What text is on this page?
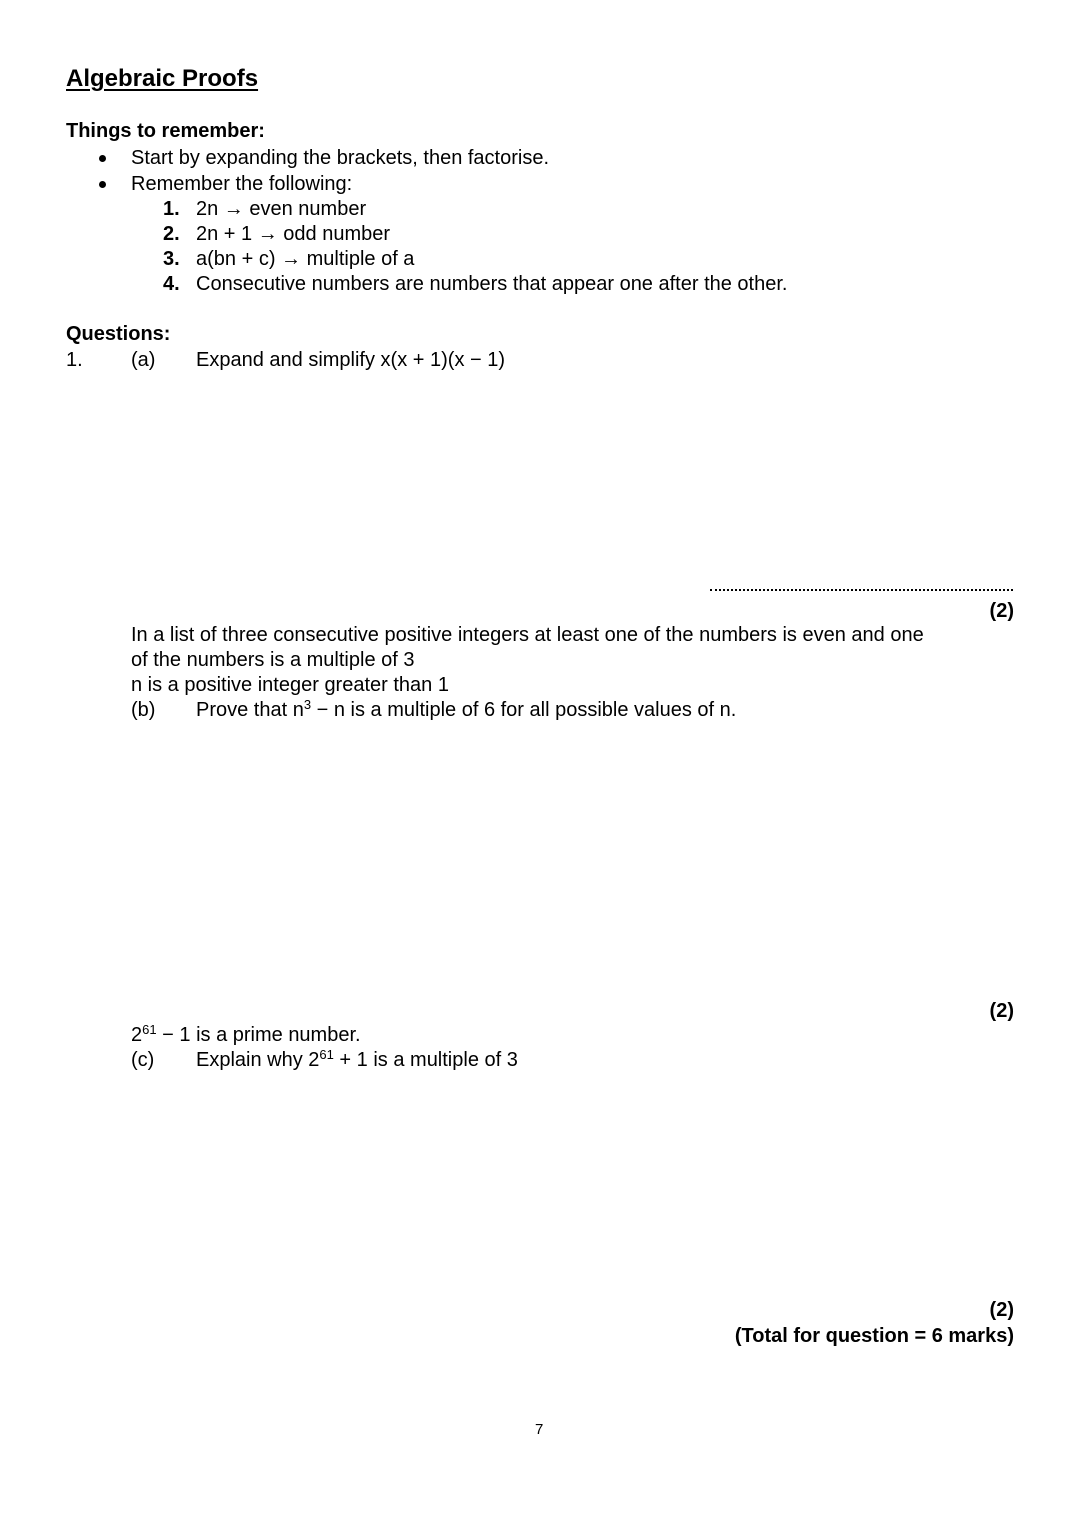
Algebraic Proofs
Things to remember:
Start by expanding the brackets, then factorise.
Remember the following:
1. 2n → even number
2. 2n + 1 → odd number
3. a(bn + c) → multiple of a
4. Consecutive numbers are numbers that appear one after the other.
Questions:
1. (a) Expand and simplify x(x + 1)(x − 1)
(2)
In a list of three consecutive positive integers at least one of the numbers is even and one
of the numbers is a multiple of 3
n is a positive integer greater than 1
(b) Prove that $n^3 - n$ is a multiple of 6 for all possible values of n.
(2)
$2^{61} - 1$ is a prime number.
(c) Explain why $2^{61} + 1$ is a multiple of 3
(2)
(Total for question = 6 marks)
7
